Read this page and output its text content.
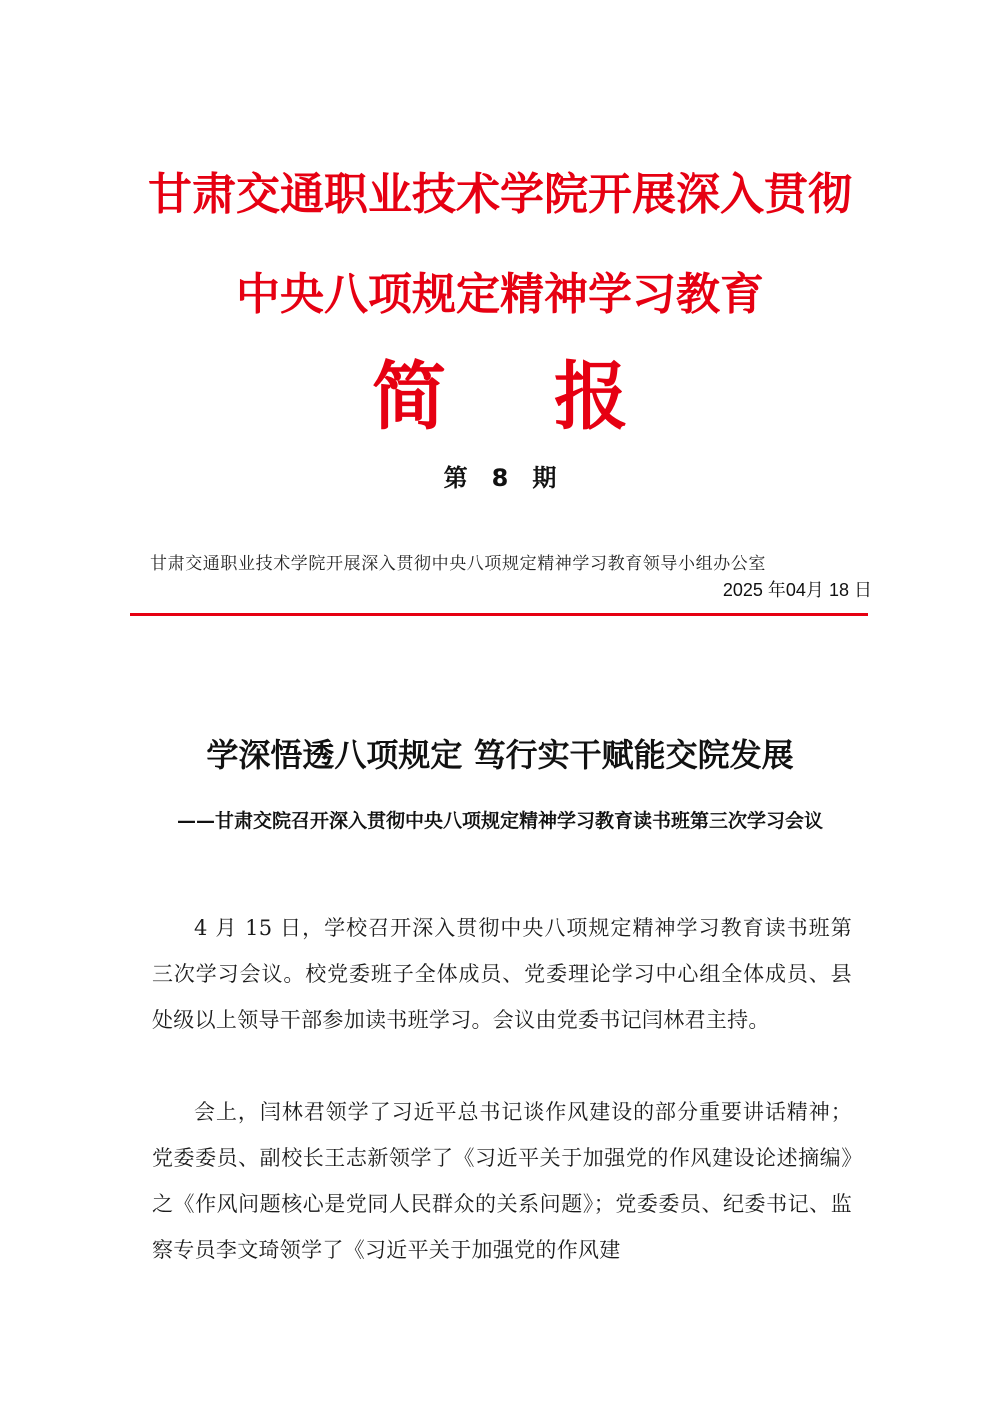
甘肃交通职业技术学院开展深入贯彻
中央八项规定精神学习教育
简 报
第 8 期
甘肃交通职业技术学院开展深入贯彻中央八项规定精神学习教育领导小组办公室
2025 年04月 18 日
学深悟透八项规定 笃行实干赋能交院发展
——甘肃交院召开深入贯彻中央八项规定精神学习教育读书班第三次学习会议

4 月 15 日，学校召开深入贯彻中央八项规定精神学习教育读书班第三次学习会议。校党委班子全体成员、党委理论学习中心组全体成员、县处级以上领导干部参加读书班学习。会议由党委书记闫林君主持。

会上，闫林君领学了习近平总书记谈作风建设的部分重要讲话精神；党委委员、副校长王志新领学了《习近平关于加强党的作风建设论述摘编》之《作风问题核心是党同人民群众的关系问题》；党委委员、纪委书记、监察专员李文琦领学了《习近平关于加强党的作风建
